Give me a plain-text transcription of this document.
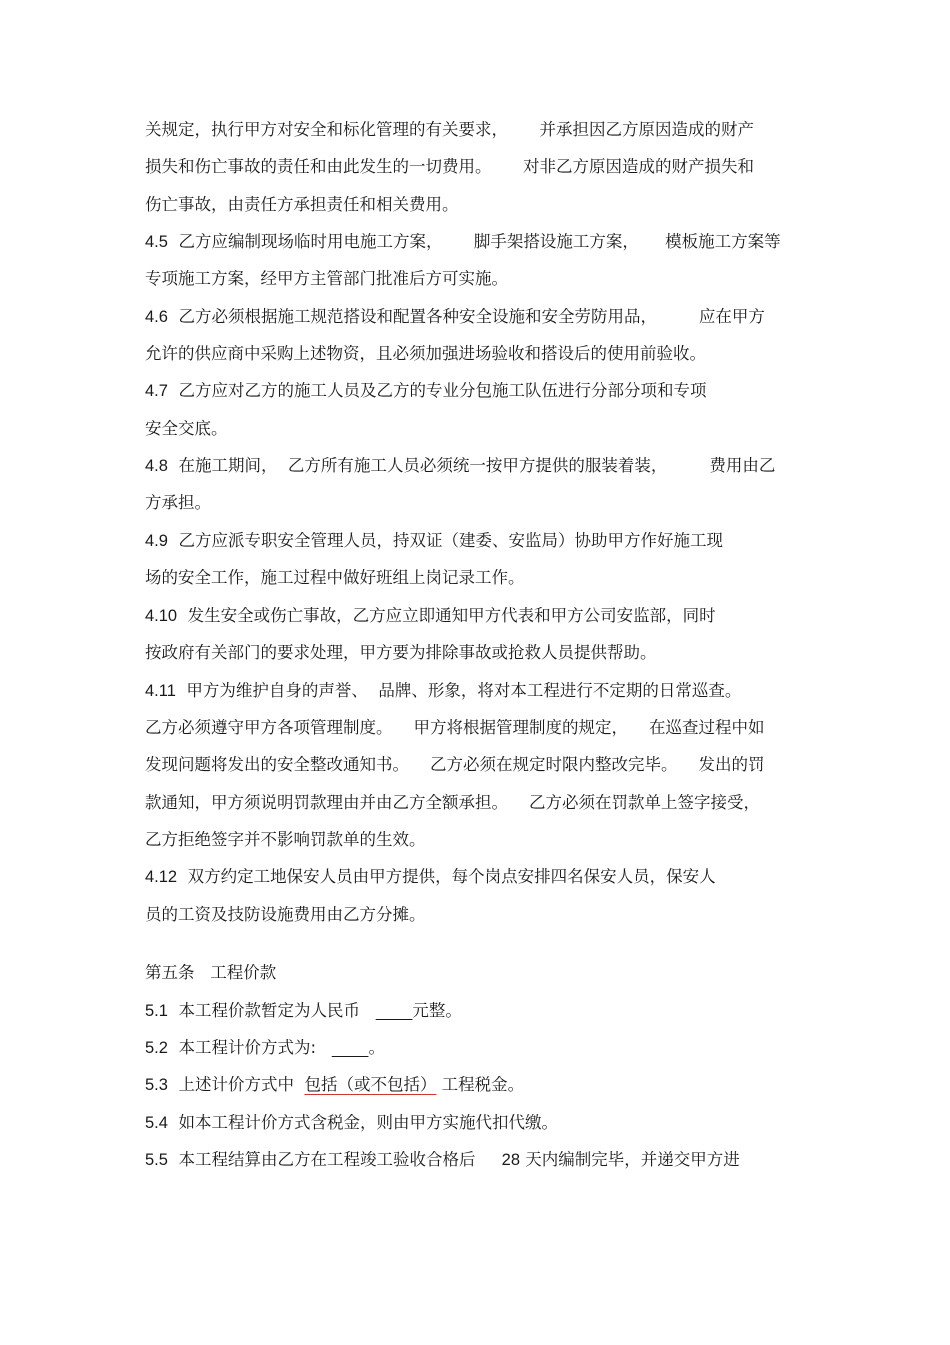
关规定，执行甲方对安全和标化管理的有关要求，      并承担因乙方原因造成的财产

损失和伤亡事故的责任和由此发生的一切费用。      对非乙方原因造成的财产损失和

伤亡事故，由责任方承担责任和相关费用。

4.5 乙方应编制现场临时用电施工方案，      脚手架搭设施工方案，     模板施工方案等

专项施工方案，经甲方主管部门批准后方可实施。

4.6 乙方必须根据施工规范搭设和配置各种安全设施和安全劳防用品，        应在甲方

允许的供应商中采购上述物资，且必须加强进场验收和搭设后的使用前验收。

4.7 乙方应对乙方的施工人员及乙方的专业分包施工队伍进行分部分项和专项

安全交底。

4.8 在施工期间，  乙方所有施工人员必须统一按甲方提供的服装着装，        费用由乙

方承担。

4.9 乙方应派专职安全管理人员，持双证（建委、安监局）协助甲方作好施工现

场的安全工作，施工过程中做好班组上岗记录工作。

4.10 发生安全或伤亡事故，乙方应立即通知甲方代表和甲方公司安监部，同时

按政府有关部门的要求处理，甲方要为排除事故或抢救人员提供帮助。

4.11 甲方为维护自身的声誉、  品牌、形象，将对本工程进行不定期的日常巡查。

乙方必须遵守甲方各项管理制度。    甲方将根据管理制度的规定，    在巡查过程中如

发现问题将发出的安全整改通知书。    乙方必须在规定时限内整改完毕。    发出的罚

款通知，甲方须说明罚款理由并由乙方全额承担。    乙方必须在罚款单上签字接受，

乙方拒绝签字并不影响罚款单的生效。

4.12 双方约定工地保安人员由甲方提供，每个岗点安排四名保安人员，保安人

员的工资及技防设施费用由乙方分摊。

第五条   工程价款

5.1 本工程价款暂定为人民币          元整。

5.2 本工程计价方式为:          。

5.3 上述计价方式中  包括（或不包括） 工程税金。

5.4 如本工程计价方式含税金，则由甲方实施代扣代缴。

5.5 本工程结算由乙方在工程竣工验收合格后     28 天内编制完毕，并递交甲方进
